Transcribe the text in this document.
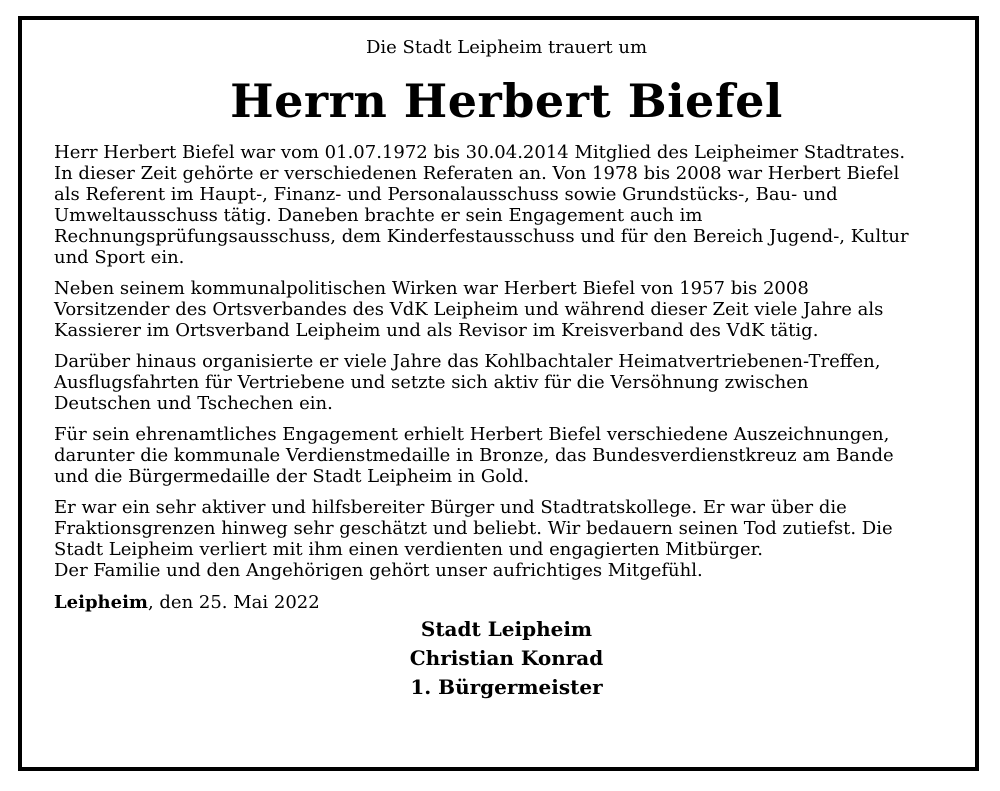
Die Stadt Leipheim trauert um

Herrn Herbert Biefel

Herr Herbert Biefel war vom 01.07.1972 bis 30.04.2014 Mitglied des Leipheimer Stadtrates.
In dieser Zeit gehörte er verschiedenen Referaten an. Von 1978 bis 2008 war Herbert Biefel
als Referent im Haupt-, Finanz- und Personalausschuss sowie Grundstücks-, Bau- und
Umweltausschuss tätig. Daneben brachte er sein Engagement auch im
Rechnungsprüfungsausschuss, dem Kinderfestausschuss und für den Bereich Jugend-, Kultur
und Sport ein.

Neben seinem kommunalpolitischen Wirken war Herbert Biefel von 1957 bis 2008
Vorsitzender des Ortsverbandes des VdK Leipheim und während dieser Zeit viele Jahre als
Kassierer im Ortsverband Leipheim und als Revisor im Kreisverband des VdK tätig.

Darüber hinaus organisierte er viele Jahre das Kohlbachtaler Heimatvertriebenen-Treffen,
Ausflugsfahrten für Vertriebene und setzte sich aktiv für die Versöhnung zwischen
Deutschen und Tschechen ein.

Für sein ehrenamtliches Engagement erhielt Herbert Biefel verschiedene Auszeichnungen,
darunter die kommunale Verdienstmedaille in Bronze, das Bundesverdienstkreuz am Bande
und die Bürgermedaille der Stadt Leipheim in Gold.

Er war ein sehr aktiver und hilfsbereiter Bürger und Stadtratskollege. Er war über die
Fraktionsgrenzen hinweg sehr geschätzt und beliebt. Wir bedauern seinen Tod zutiefst. Die
Stadt Leipheim verliert mit ihm einen verdienten und engagierten Mitbürger.
Der Familie und den Angehörigen gehört unser aufrichtiges Mitgefühl.

Leipheim, den 25. Mai 2022

Stadt Leipheim

Christian Konrad

1. Bürgermeister
